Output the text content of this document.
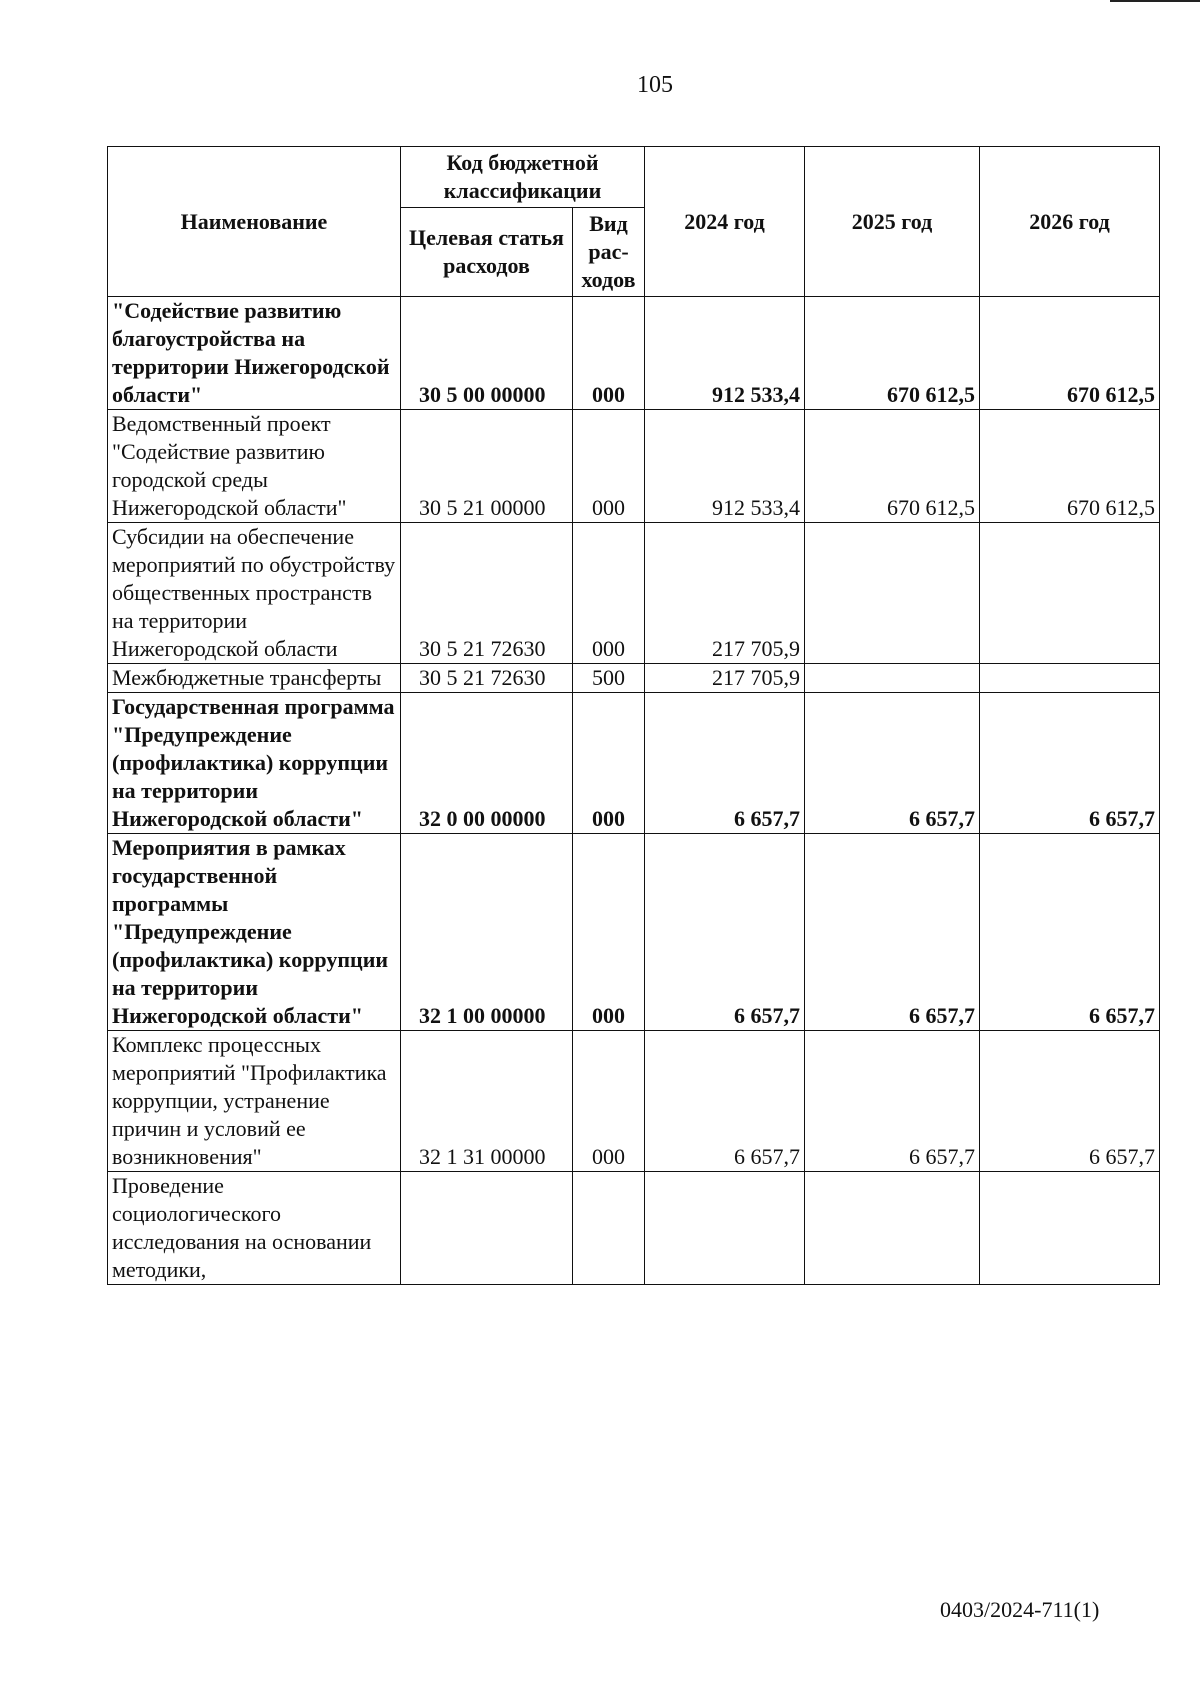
105
Наименование	Код бюджетной классификации		2024 год	2025 год	2026 год
	Целевая статья расходов	Вид рас-ходов			
"Содействие развитию благоустройства на территории Нижегородской области"	30 5 00 00000	000	912 533,4	670 612,5	670 612,5
Ведомственный проект "Содействие развитию городской среды Нижегородской области"	30 5 21 00000	000	912 533,4	670 612,5	670 612,5
Субсидии на обеспечение мероприятий по обустройству общественных пространств на территории Нижегородской области	30 5 21 72630	000	217 705,9		
Межбюджетные трансферты	30 5 21 72630	500	217 705,9		
Государственная программа "Предупреждение (профилактика) коррупции на территории Нижегородской области"	32 0 00 00000	000	6 657,7	6 657,7	6 657,7
Мероприятия в рамках государственной программы "Предупреждение (профилактика) коррупции на территории Нижегородской области"	32 1 00 00000	000	6 657,7	6 657,7	6 657,7
Комплекс процессных мероприятий "Профилактика коррупции, устранение причин и условий ее возникновения"	32 1 31 00000	000	6 657,7	6 657,7	6 657,7
Проведение социологического исследования на основании методики,					
0403/2024-711(1)
